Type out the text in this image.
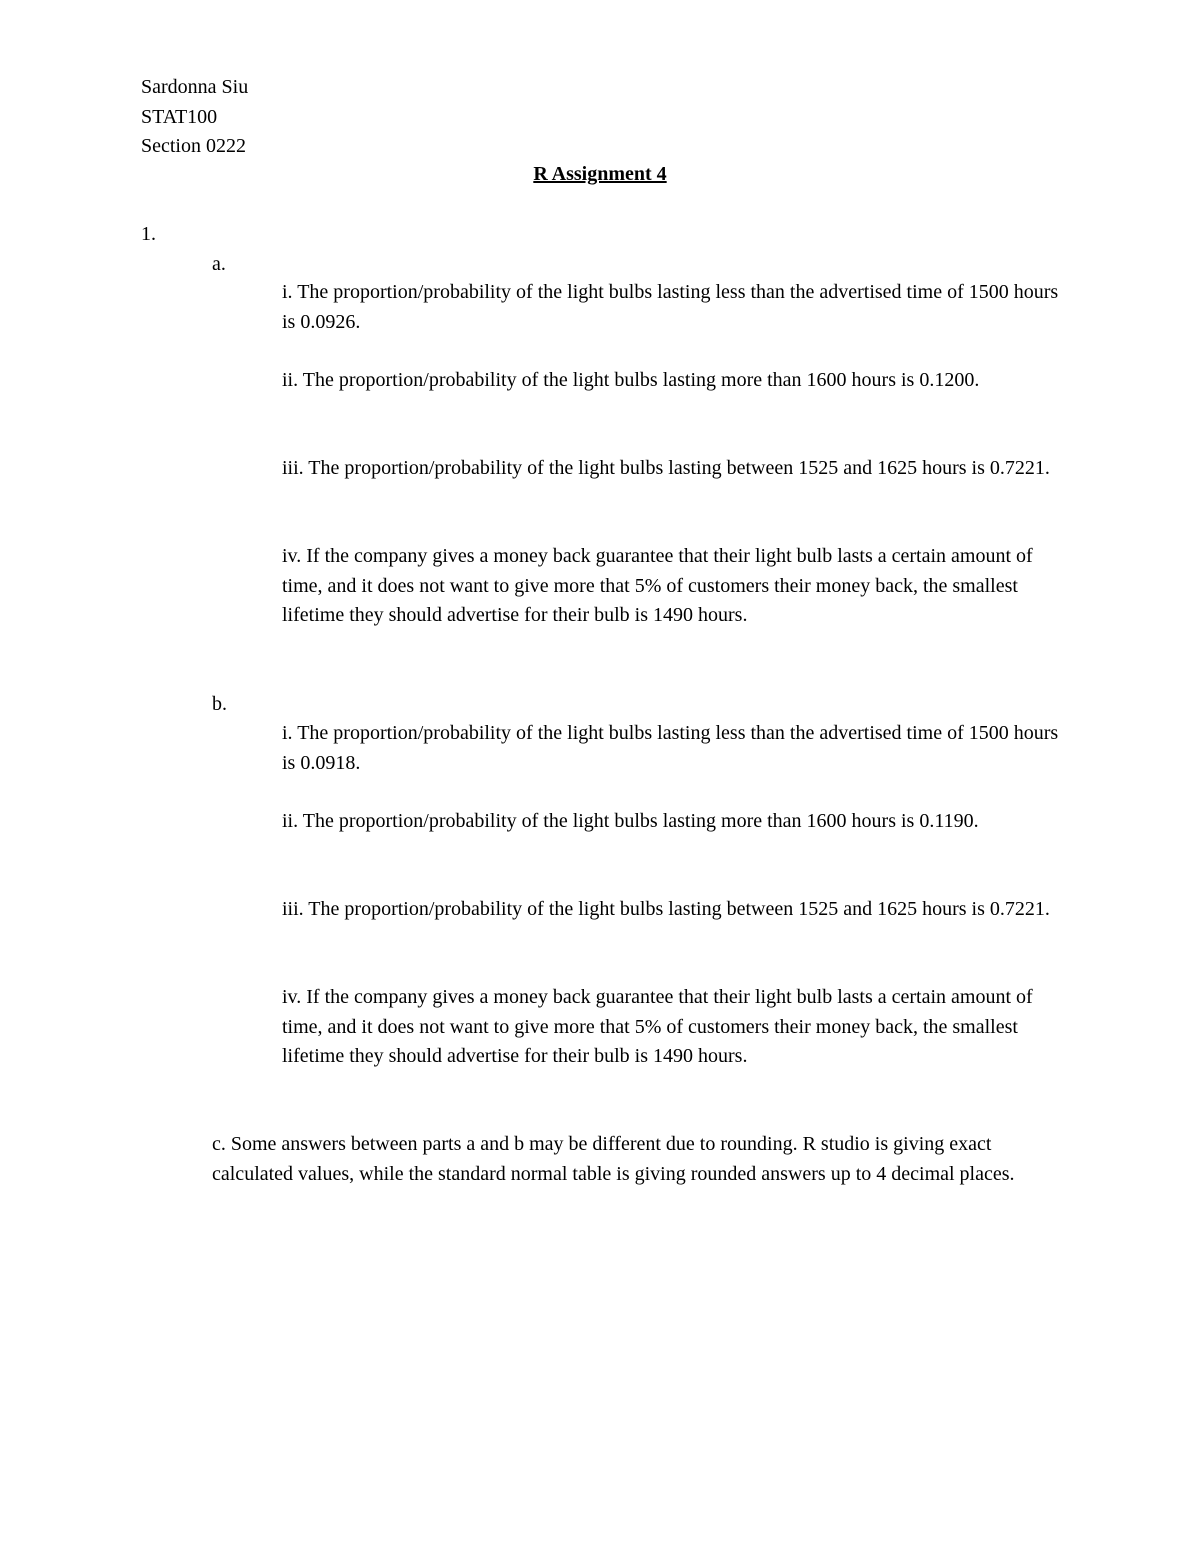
Sardonna Siu
STAT100
Section 0222
R Assignment 4
1.
a.
i. The proportion/probability of the light bulbs lasting less than the advertised time of 1500 hours is 0.0926.
ii. The proportion/probability of the light bulbs lasting more than 1600 hours is 0.1200.
iii. The proportion/probability of the light bulbs lasting between 1525 and 1625 hours is 0.7221.
iv. If the company gives a money back guarantee that their light bulb lasts a certain amount of time, and it does not want to give more that 5% of customers their money back, the smallest lifetime they should advertise for their bulb is 1490 hours.
b.
i. The proportion/probability of the light bulbs lasting less than the advertised time of 1500 hours is 0.0918.
ii. The proportion/probability of the light bulbs lasting more than 1600 hours is 0.1190.
iii. The proportion/probability of the light bulbs lasting between 1525 and 1625 hours is 0.7221.
iv. If the company gives a money back guarantee that their light bulb lasts a certain amount of time, and it does not want to give more that 5% of customers their money back, the smallest lifetime they should advertise for their bulb is 1490 hours.
c. Some answers between parts a and b may be different due to rounding. R studio is giving exact calculated values, while the standard normal table is giving rounded answers up to 4 decimal places.
